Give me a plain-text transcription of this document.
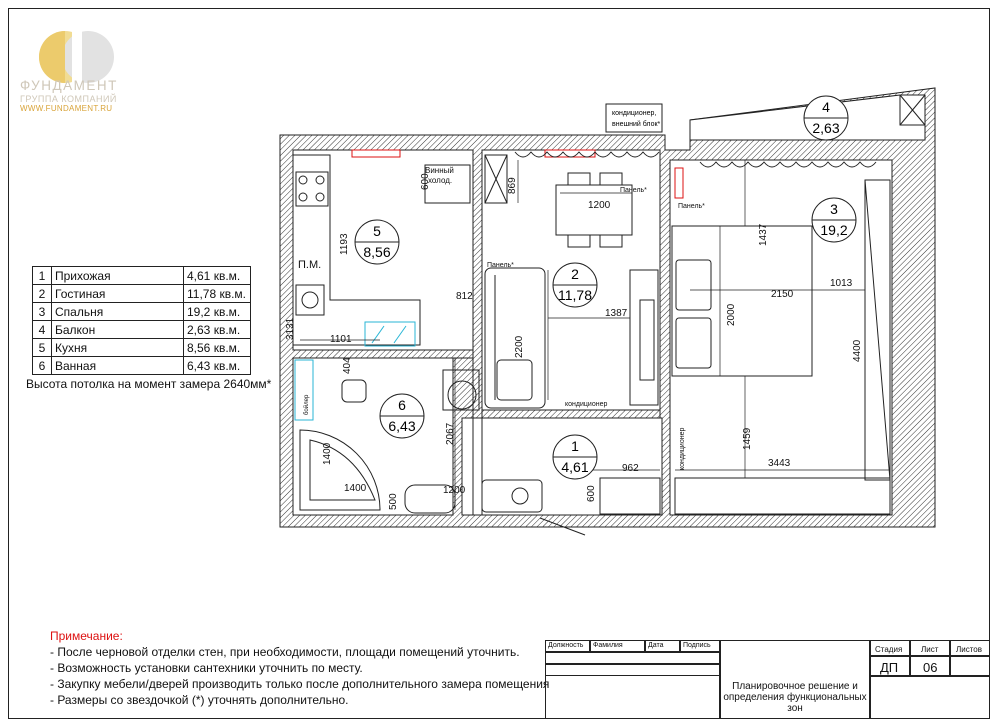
ФУНДАМЕНТ
ГРУППА КОМПАНИЙ
WWW.FUNDAMENT.RU
1	Прихожая	4,61 кв.м.
2	Гостиная	11,78 кв.м.
3	Спальня	19,2 кв.м.
4	Балкон	2,63 кв.м.
5	Кухня	8,56 кв.м.
6	Ванная	6,43 кв.м.
Высота потолка на момент замера 2640мм*
кондиционер,
внешний блок*
5
8,56
2
11,78
3
19,2
4
2,63
6
6,43
1
4,61
600	869
1200
1193
812
1387
2200
1437
2150
1013
2000
4400
1101
3131
404
2067
1400
1400	1200
500
962
600
1459
3443
Винный
холод.
П.М.
Панель*
Панель*
Панель*
кондиционер
кондиционер
бойлер
Примечание:
- После черновой отделки стен, при необходимости, площади помещений уточнить.
- Возможность установки сантехники уточнить по месту.
- Закупку мебели/дверей производить только после дополнительного замера помещения
- Размеры со звездочкой (*) уточнять дополнительно.
Должность Фамилия	Дата	Подпись
Планировочное решение и
определения функциональных зон
Стадия Лист Листов
ДП 06
